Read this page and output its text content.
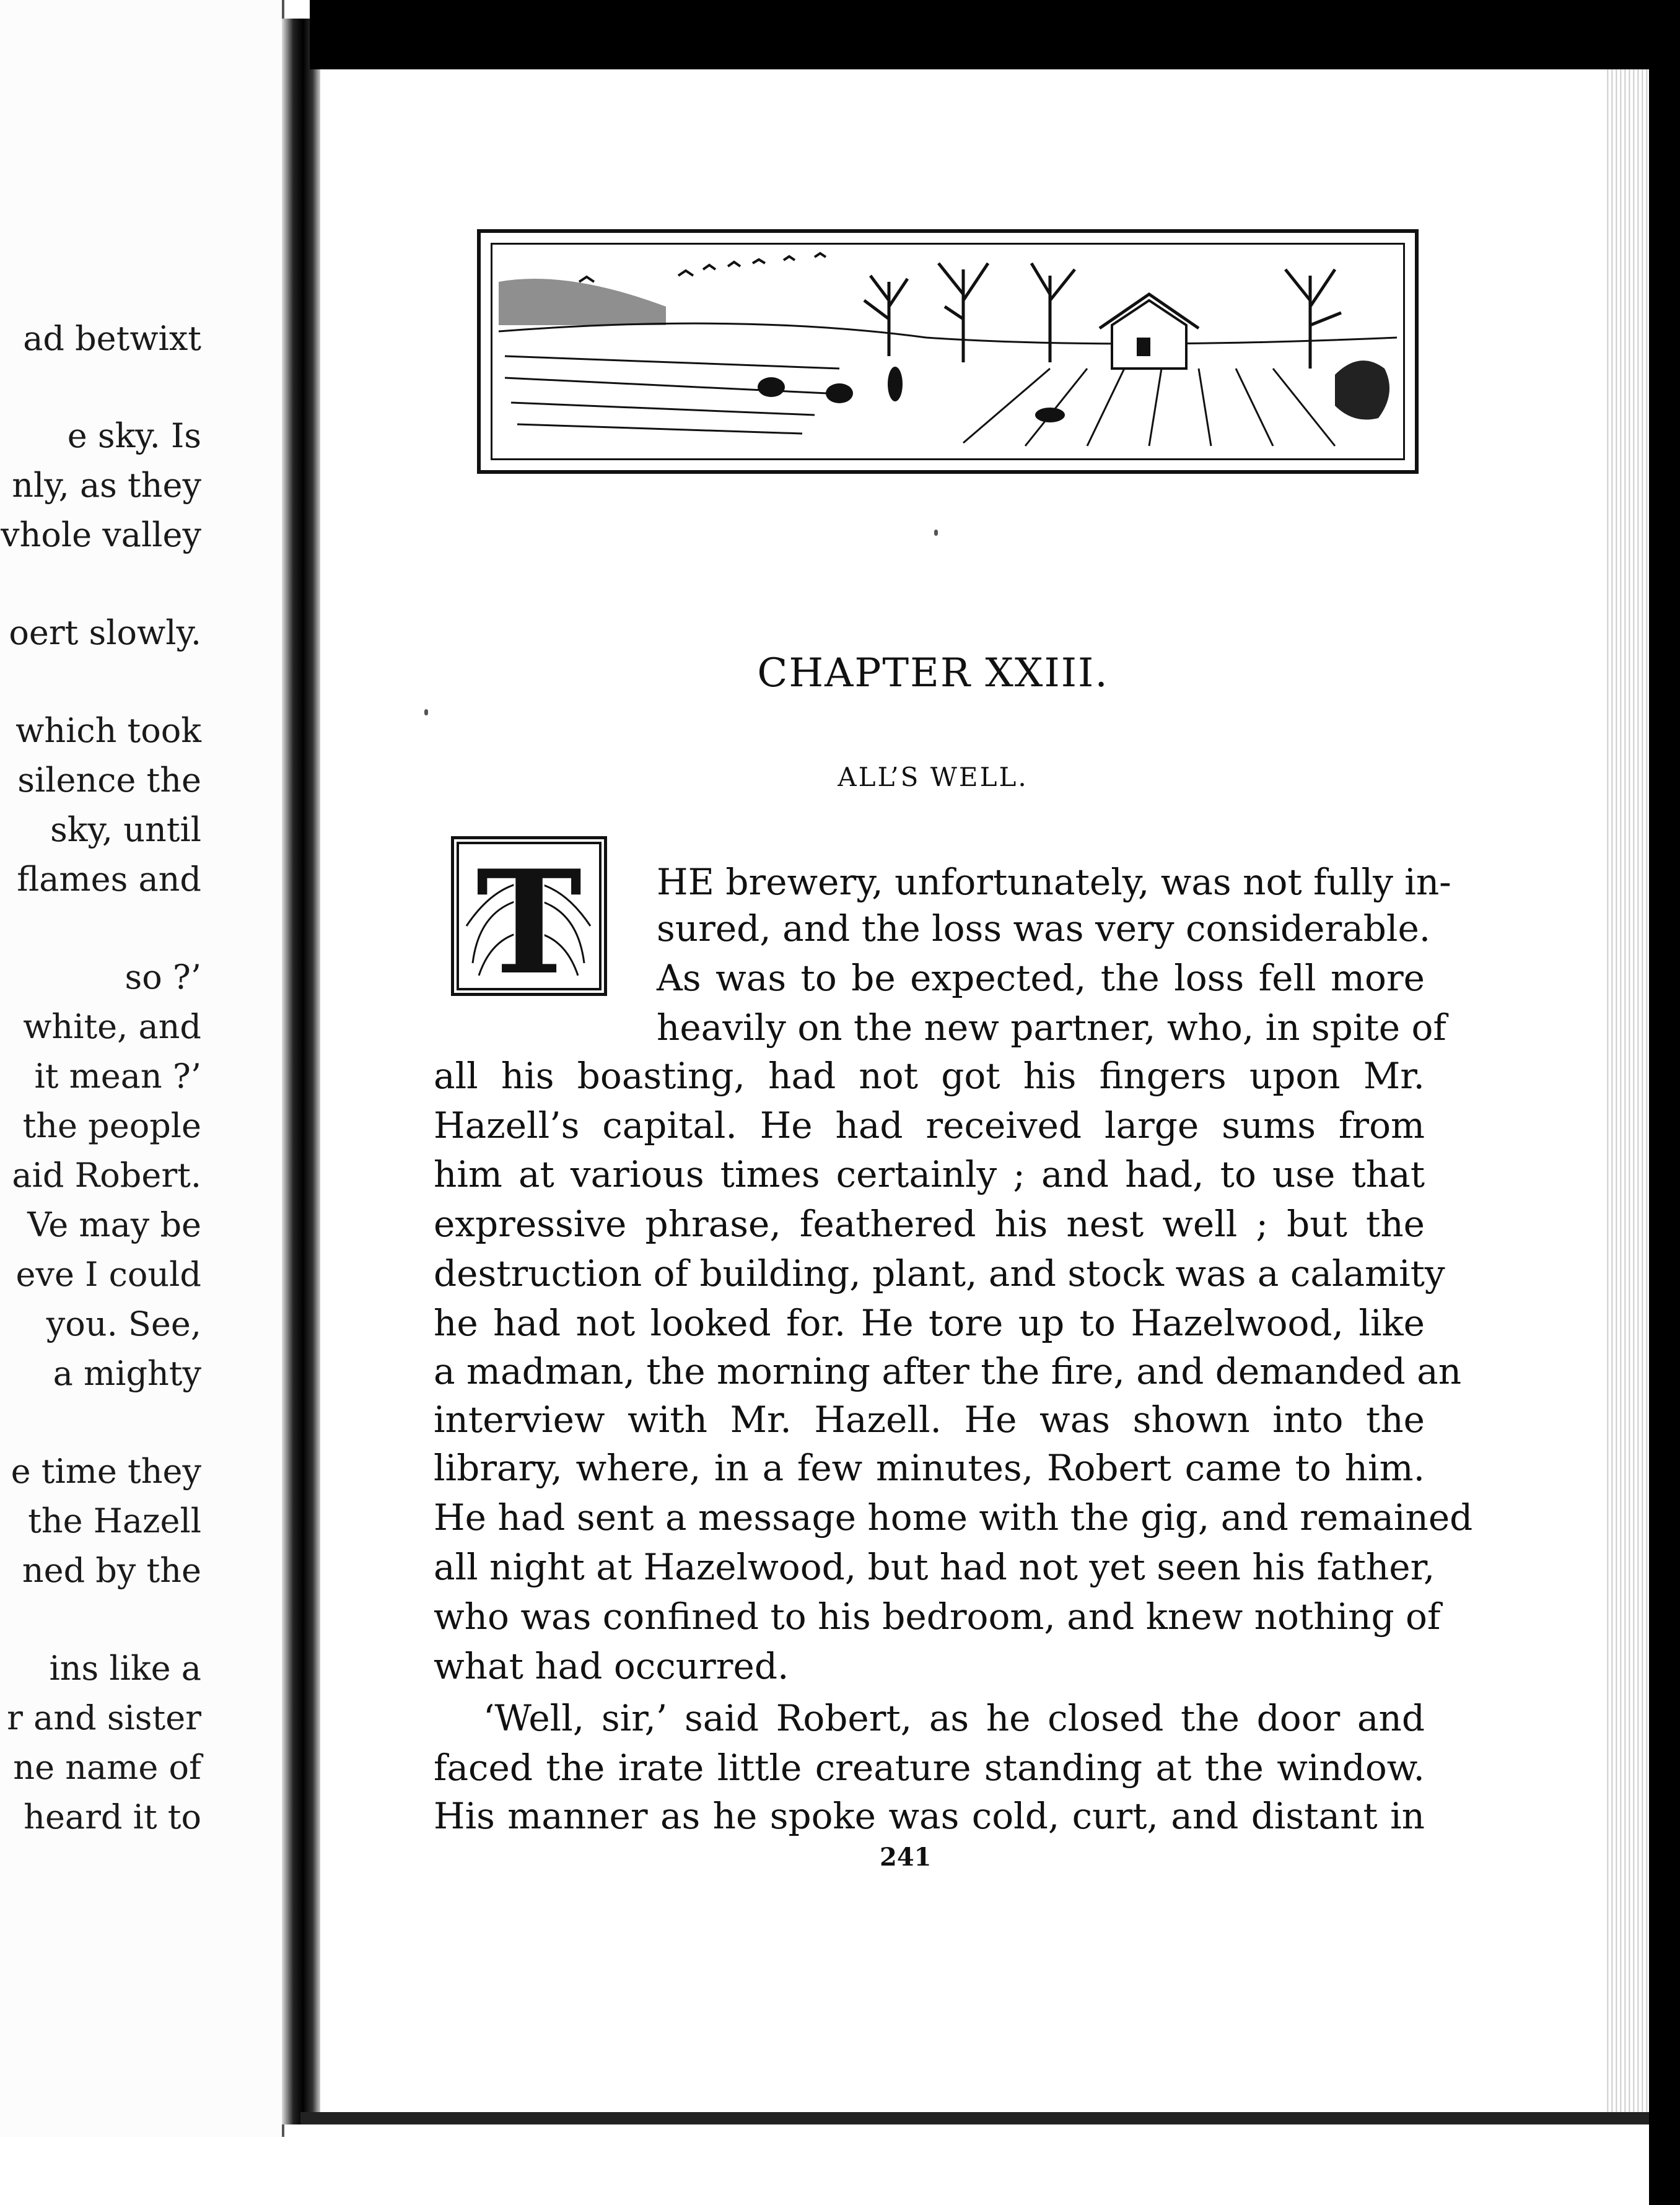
ad betwixt
e sky. Is
nly, as they
vhole valley
oert slowly.
which took
silence the
sky, until
flames and
so ?’
white, and
it mean ?’
the people
aid Robert.
Ve may be
eve I could
you. See,
a mighty
e time they
the Hazell
ned by the
ins like a
r and sister
ne name of
heard it to
CHAPTER XXIII.
ALL’S WELL.
T HE brewery, unfortunately, was not fully in-
sured, and the loss was very considerable.
As was to be expected, the loss fell more
heavily on the new partner, who, in spite of
all his boasting, had not got his fingers upon Mr.
Hazell’s capital. He had received large sums from
him at various times certainly ; and had, to use that
expressive phrase, feathered his nest well ; but the
destruction of building, plant, and stock was a calamity
he had not looked for. He tore up to Hazelwood, like
a madman, the morning after the fire, and demanded an
interview with Mr. Hazell. He was shown into the
library, where, in a few minutes, Robert came to him.
He had sent a message home with the gig, and remained
all night at Hazelwood, but had not yet seen his father,
who was confined to his bedroom, and knew nothing of
what had occurred.
‘Well, sir,’ said Robert, as he closed the door and
faced the irate little creature standing at the window.
His manner as he spoke was cold, curt, and distant in
241
